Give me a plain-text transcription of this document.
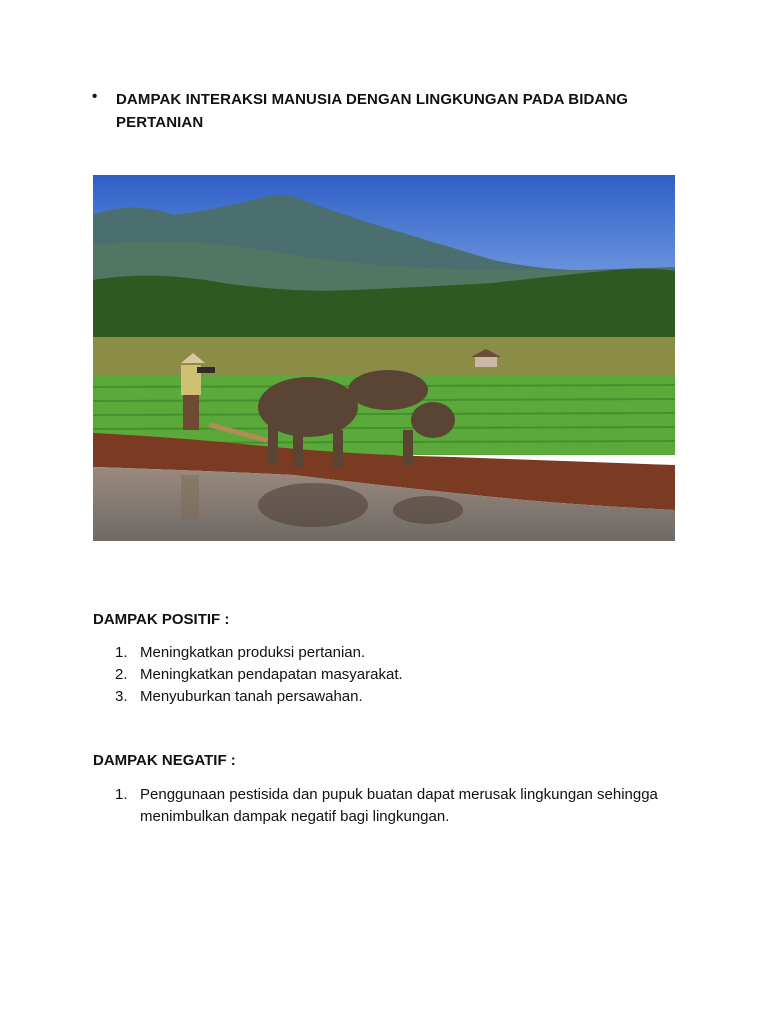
• DAMPAK INTERAKSI MANUSIA DENGAN LINGKUNGAN PADA BIDANG PERTANIAN
DAMPAK POSITIF :
1. Meningkatkan produksi pertanian.
2. Meningkatkan pendapatan masyarakat.
3. Menyuburkan tanah persawahan.
DAMPAK NEGATIF :
1. Penggunaan pestisida dan pupuk buatan dapat merusak lingkungan sehingga menimbulkan dampak negatif bagi lingkungan.
